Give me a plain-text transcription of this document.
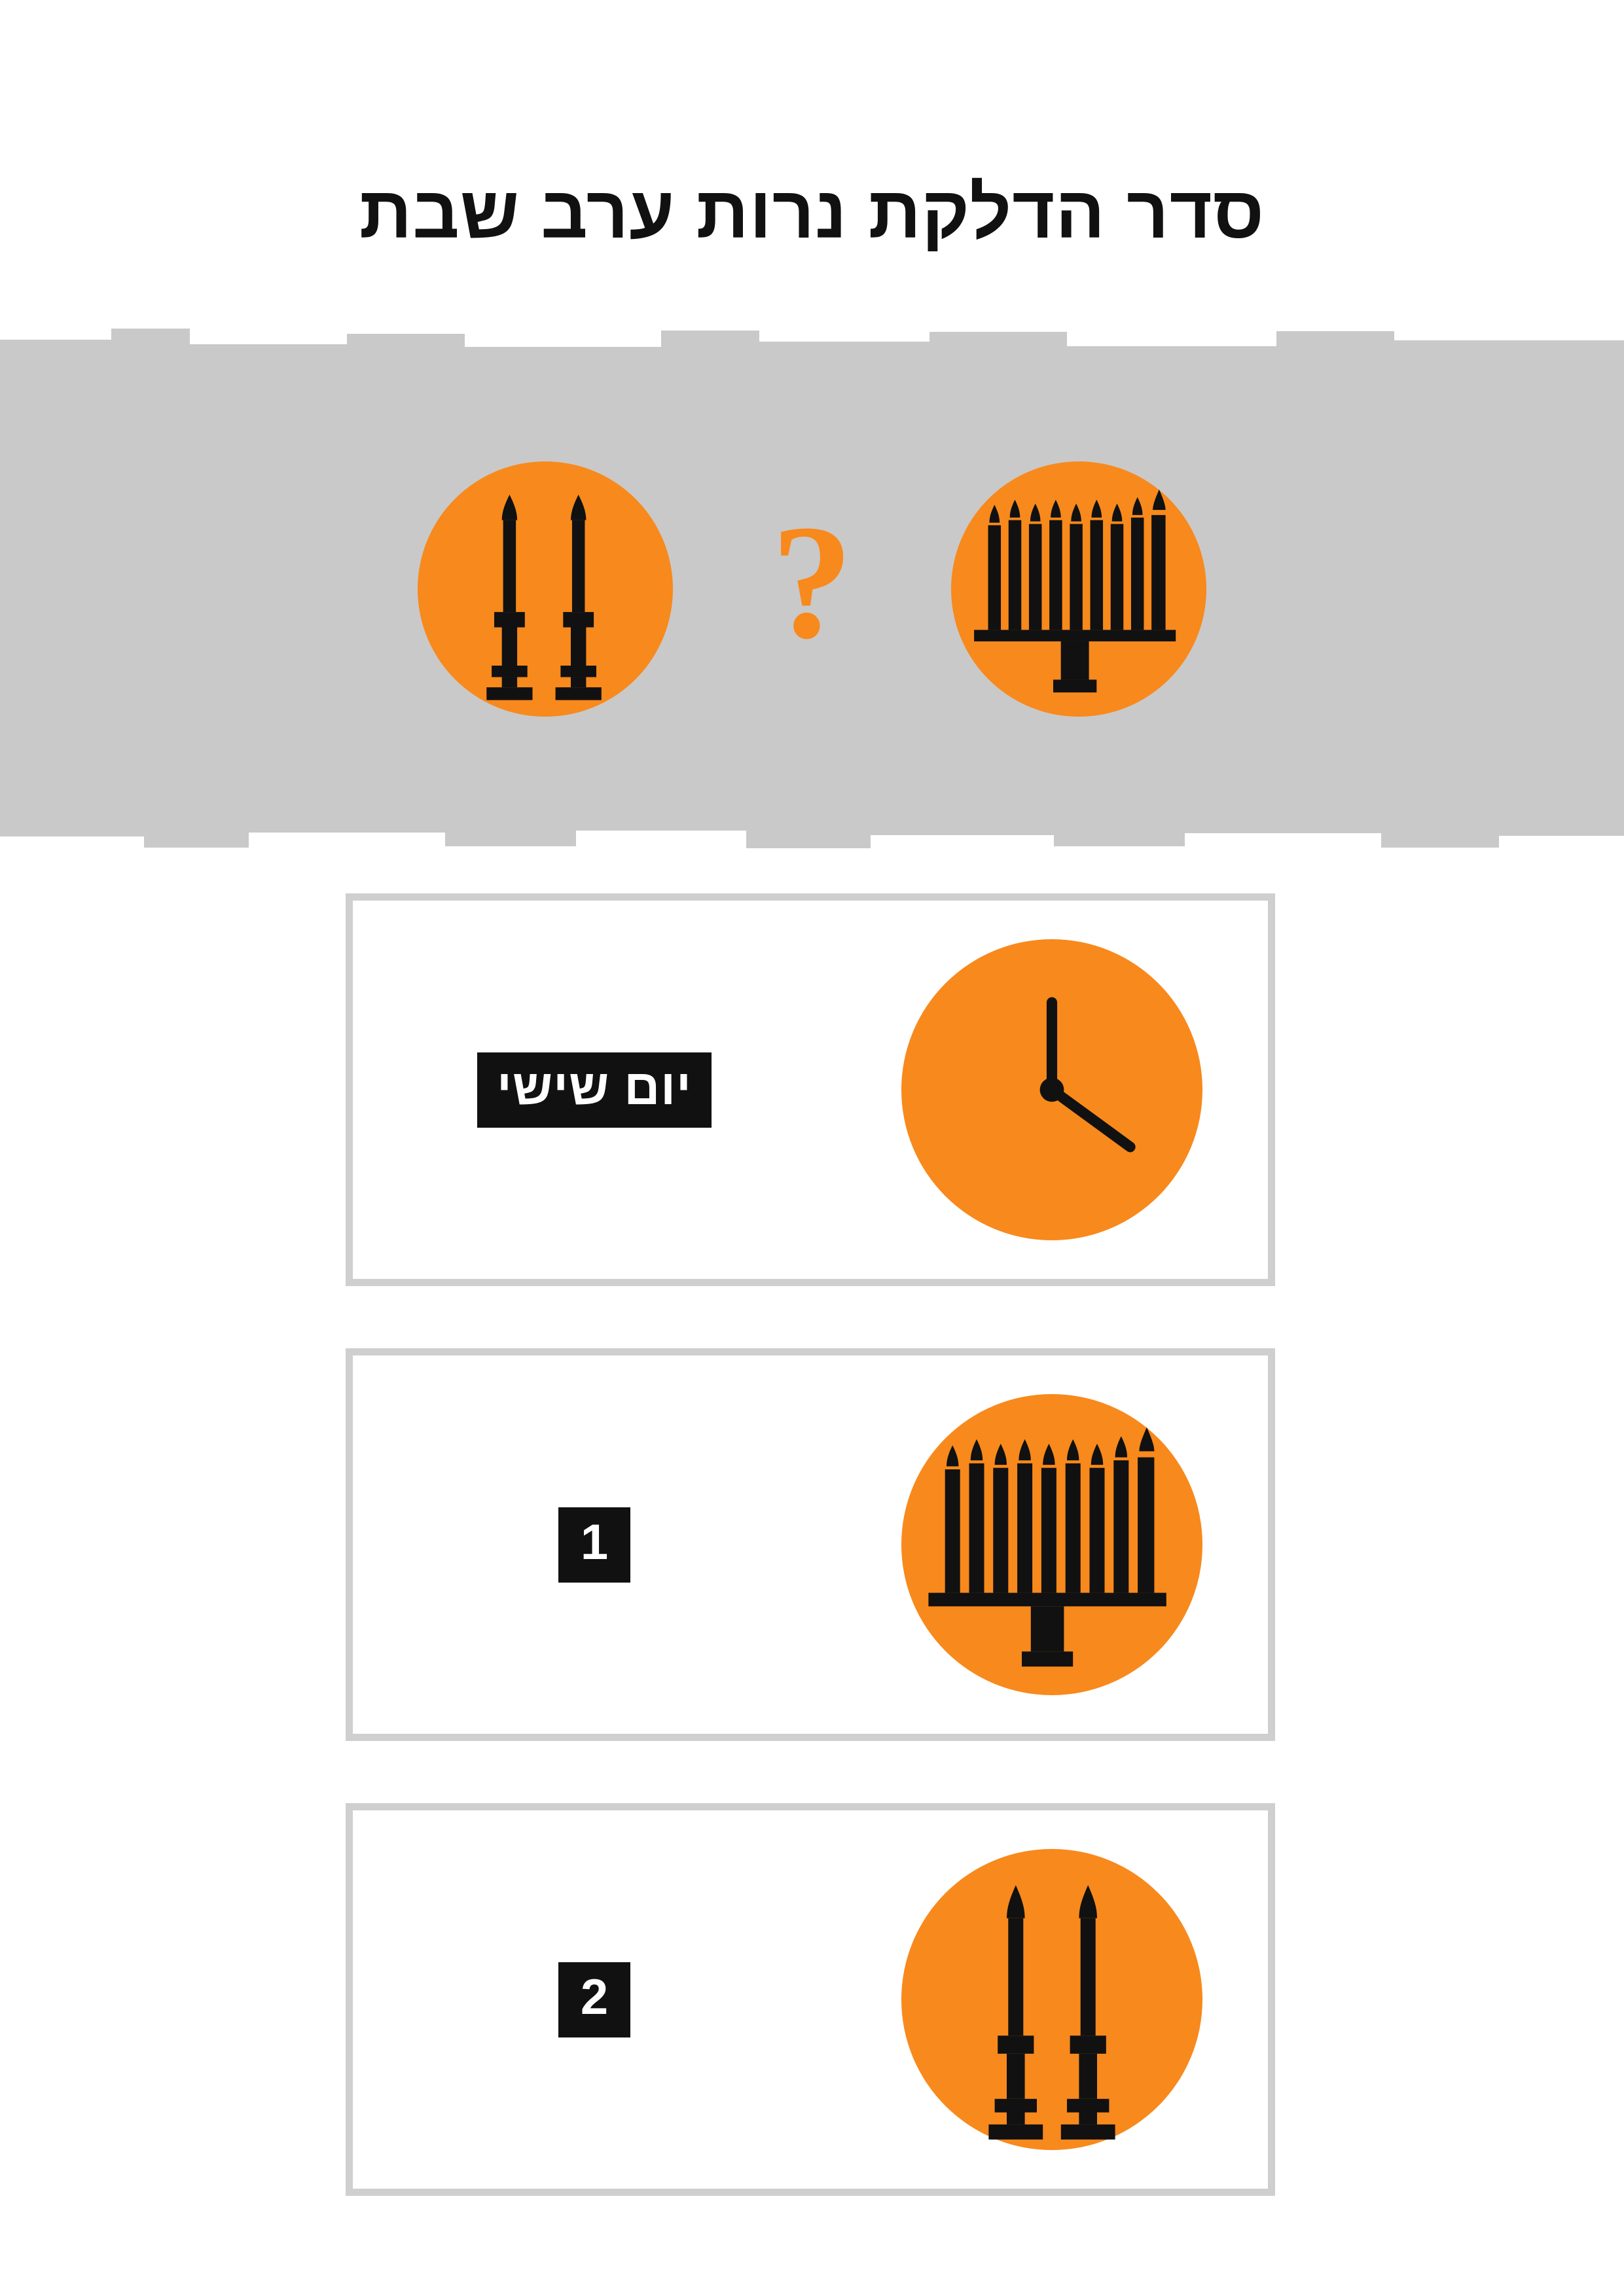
סדר הדלקת נרות ערב שבת
?
יום שישי
1
2
